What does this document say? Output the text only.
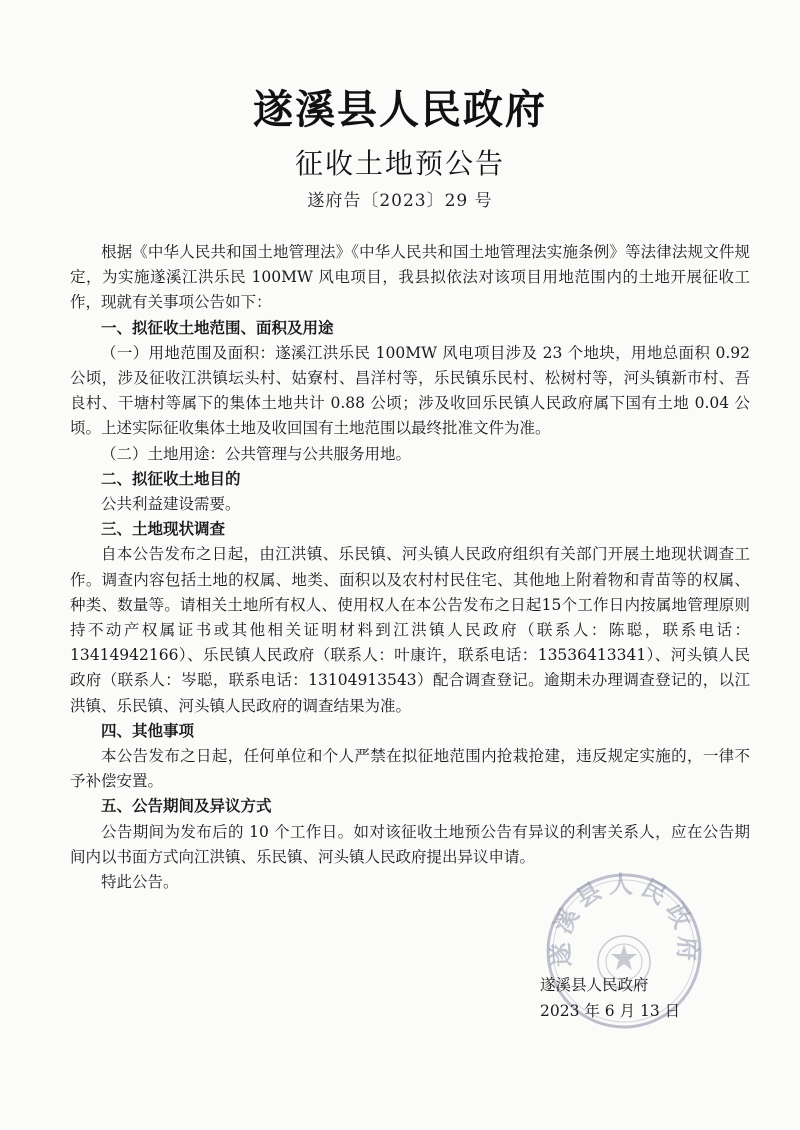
遂溪县人民政府
征收土地预公告
遂府告〔2023〕29 号

根据《中华人民共和国土地管理法》《中华人民共和国土地管理法实施条例》等法律法规文件规定，为实施遂溪江洪乐民 100MW 风电项目，我县拟依法对该项目用地范围内的土地开展征收工作，现就有关事项公告如下：

一、拟征收土地范围、面积及用途

（一）用地范围及面积：遂溪江洪乐民 100MW 风电项目涉及 23 个地块，用地总面积 0.92 公顷，涉及征收江洪镇坛头村、姑寮村、昌洋村等，乐民镇乐民村、松树村等，河头镇新市村、吾良村、干塘村等属下的集体土地共计 0.88 公顷；涉及收回乐民镇人民政府属下国有土地 0.04 公顷。上述实际征收集体土地及收回国有土地范围以最终批准文件为准。

（二）土地用途：公共管理与公共服务用地。

二、拟征收土地目的

公共利益建设需要。

三、土地现状调查

自本公告发布之日起，由江洪镇、乐民镇、河头镇人民政府组织有关部门开展土地现状调查工作。调查内容包括土地的权属、地类、面积以及农村村民住宅、其他地上附着物和青苗等的权属、种类、数量等。请相关土地所有权人、使用权人在本公告发布之日起15个工作日内按属地管理原则持不动产权属证书或其他相关证明材料到江洪镇人民政府（联系人：陈聪，联系电话：13414942166）、乐民镇人民政府（联系人：叶康许，联系电话：13536413341）、河头镇人民政府（联系人：岑聪，联系电话：13104913543）配合调查登记。逾期未办理调查登记的，以江洪镇、乐民镇、河头镇人民政府的调查结果为准。

四、其他事项

本公告发布之日起，任何单位和个人严禁在拟征地范围内抢栽抢建，违反规定实施的，一律不予补偿安置。

五、公告期间及异议方式

公告期间为发布后的 10 个工作日。如对该征收土地预公告有异议的利害关系人，应在公告期间内以书面方式向江洪镇、乐民镇、河头镇人民政府提出异议申请。

特此公告。

遂溪县人民政府
遂溪县人民政府
2023 年 6 月 13 日
